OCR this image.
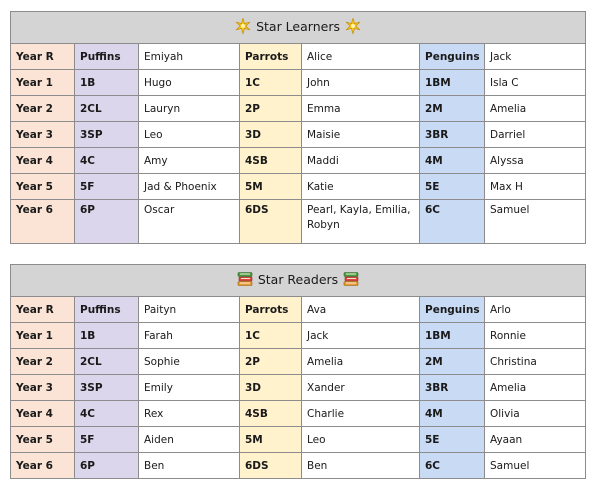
Star Learners						

Year R	Puffins	Emiyah	Parrots	Alice	Penguins	Jack
Year 1	1B	Hugo	1C	John	1BM	Isla C
Year 2	2CL	Lauryn	2P	Emma	2M	Amelia
Year 3	3SP	Leo	3D	Maisie	3BR	Darriel
Year 4	4C	Amy	4SB	Maddi	4M	Alyssa
Year 5	5F	Jad & Phoenix	5M	Katie	5E	Max H
Year 6	6P	Oscar	6DS	Pearl, Kayla, Emilia, Robyn	6C	Samuel
Star Readers						

Year R	Puffins	Paityn	Parrots	Ava	Penguins	Arlo
Year 1	1B	Farah	1C	Jack	1BM	Ronnie
Year 2	2CL	Sophie	2P	Amelia	2M	Christina
Year 3	3SP	Emily	3D	Xander	3BR	Amelia
Year 4	4C	Rex	4SB	Charlie	4M	Olivia
Year 5	5F	Aiden	5M	Leo	5E	Ayaan
Year 6	6P	Ben	6DS	Ben	6C	Samuel
